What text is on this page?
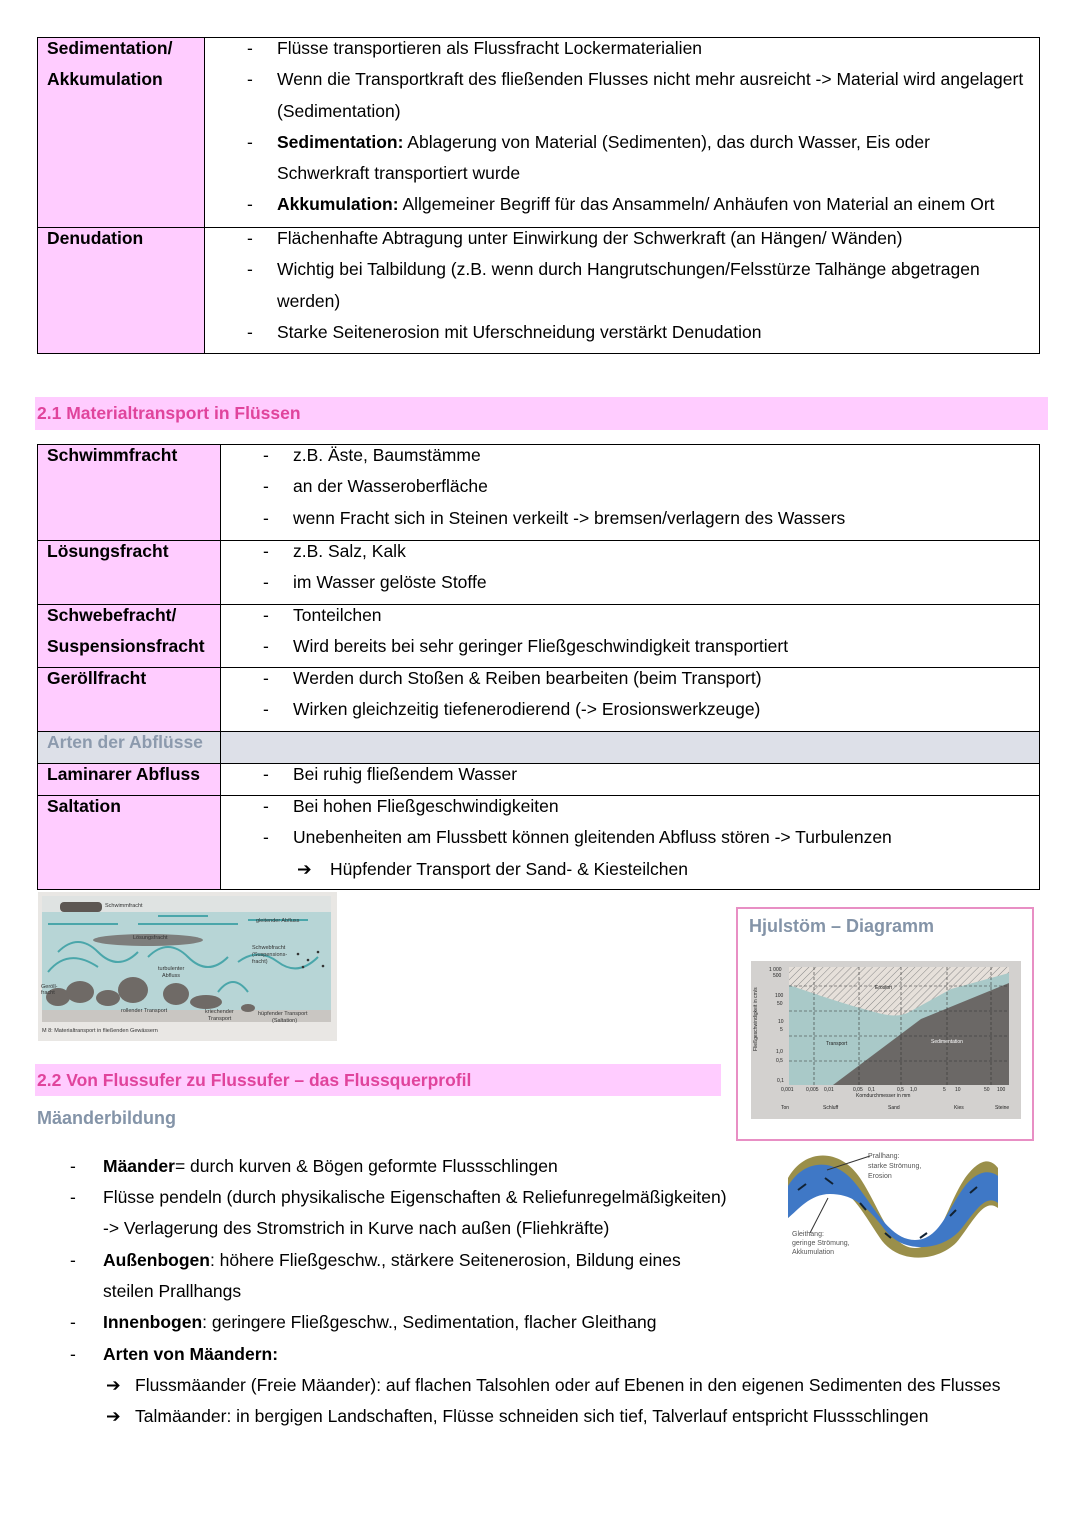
Sedimentation/
Akkumulation
-	Flüsse transportieren als Flussfracht Lockermaterialien
-	Wenn die Transportkraft des fließenden Flusses nicht mehr ausreicht -> Material wird angelagert (Sedimentation)
-	Sedimentation: Ablagerung von Material (Sedimenten), das durch Wasser, Eis oder Schwerkraft transportiert wurde
-	Akkumulation: Allgemeiner Begriff für das Ansammeln/ Anhäufen von Material an einem Ort
Denudation	-	Flächenhafte Abtragung unter Einwirkung der Schwerkraft (an Hängen/ Wänden)
-	Wichtig bei Talbildung (z.B. wenn durch Hangrutschungen/Felsstürze Talhänge abgetragen werden)
-	Starke Seitenerosion mit Uferschneidung verstärkt Denudation
2.1 Materialtransport in Flüssen
Schwimmfracht	-	z.B. Äste, Baumstämme
-	an der Wasseroberfläche
-	wenn Fracht sich in Steinen verkeilt -> bremsen/verlagern des Wassers
Lösungsfracht	-	z.B. Salz, Kalk
-	im Wasser gelöste Stoffe
Schwebefracht/
Suspensionsfracht
-	Tonteilchen
-	Wird bereits bei sehr geringer Fließgeschwindigkeit transportiert
Geröllfracht	-	Werden durch Stoßen & Reiben bearbeiten (beim Transport)
-	Wirken gleichzeitig tiefenerodierend (-> Erosionswerkzeuge)
Arten der Abflüsse
Laminarer Abfluss	-	Bei ruhig fließendem Wasser
Saltation	-	Bei hohen Fließgeschwindigkeiten
-	Unebenheiten am Flussbett können gleitenden Abfluss stören -> Turbulenzen
➔	Hüpfender Transport der Sand- & Kiesteilchen
Schwimmfracht
gleitender Abfluss
Lösungsfracht
Schwebfracht
(Suspensions-
fracht)
turbulenter
Abfluss
Geröll-
fracht
rollender Transport	kriechender
Transport
hüpfender Transport
(Saltation)
M 8: Materialtransport in fließenden Gewässern
Hjulstöm – Diagramm
Fließgeschwindigkeit in cm/s
1 000
500
100
50
10
5
1,0
0,5
0,1
0,001 0,005 0,01	0,05 0,1	0,5 1,0	5 10	50 100
Korndurchmesser in mm
Erosion
Transport	Sedimentation
Ton	Schluff	Sand	Kies	Steine
2.2 Von Flussufer zu Flussufer – das Flussquerprofil
Mäanderbildung
- Mäander= durch kurven & Bögen geformte Flussschlingen
- Flüsse pendeln (durch physikalische Eigenschaften & Reliefunregelmäßigkeiten)
-> Verlagerung des Stromstrich in Kurve nach außen (Fliehkräfte)
- Außenbogen: höhere Fließgeschw., stärkere Seitenerosion, Bildung eines
steilen Prallhangs
- Innenbogen: geringere Fließgeschw., Sedimentation, flacher Gleithang
- Arten von Mäandern:
➔ Flussmäander (Freie Mäander): auf flachen Talsohlen oder auf Ebenen in den eigenen Sedimenten des Flusses
➔ Talmäander: in bergigen Landschaften, Flüsse schneiden sich tief, Talverlauf entspricht Flussschlingen
Prallhang:
starke Strömung,
Erosion
Gleithang:
geringe Strömung,
Akkumulation
